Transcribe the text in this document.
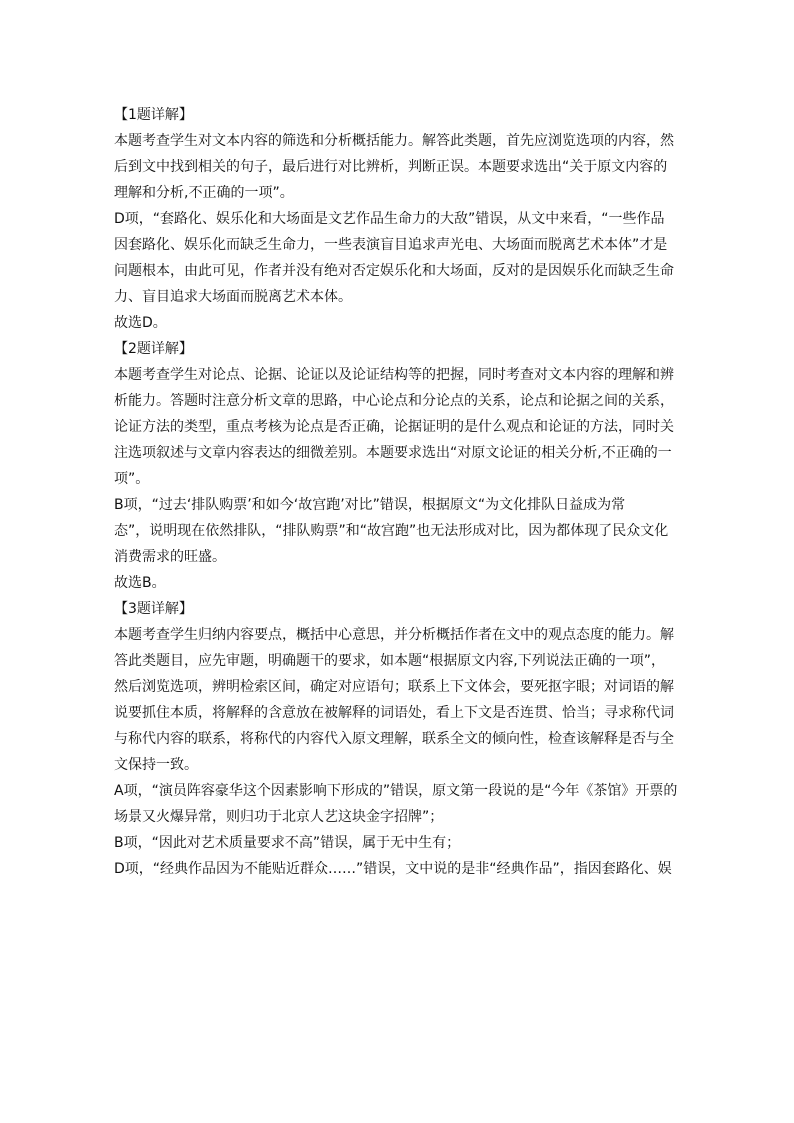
【1题详解】
本题考查学生对文本内容的筛选和分析概括能力。解答此类题，首先应浏览选项的内容，然
后到文中找到相关的句子，最后进行对比辨析，判断正误。本题要求选出“关于原文内容的
理解和分析,不正确的一项”。
D项，“套路化、娱乐化和大场面是文艺作品生命力的大敌”错误，从文中来看，“一些作品
因套路化、娱乐化而缺乏生命力，一些表演盲目追求声光电、大场面而脱离艺术本体”才是
问题根本，由此可见，作者并没有绝对否定娱乐化和大场面，反对的是因娱乐化而缺乏生命
力、盲目追求大场面而脱离艺术本体。
故选D。
【2题详解】
本题考查学生对论点、论据、论证以及论证结构等的把握，同时考查对文本内容的理解和辨
析能力。答题时注意分析文章的思路，中心论点和分论点的关系，论点和论据之间的关系，
论证方法的类型，重点考核为论点是否正确，论据证明的是什么观点和论证的方法，同时关
注选项叙述与文章内容表达的细微差别。本题要求选出“对原文论证的相关分析,不正确的一
项”。
B项，“过去‘排队购票’和如今‘故宫跑’对比”错误，根据原文“为文化排队日益成为常
态”，说明现在依然排队，“排队购票”和“故宫跑”也无法形成对比，因为都体现了民众文化
消费需求的旺盛。
故选B。
【3题详解】
本题考查学生归纳内容要点，概括中心意思，并分析概括作者在文中的观点态度的能力。解
答此类题目，应先审题，明确题干的要求，如本题“根据原文内容,下列说法正确的一项”，
然后浏览选项，辨明检索区间，确定对应语句；联系上下文体会，要死抠字眼；对词语的解
说要抓住本质，将解释的含意放在被解释的词语处，看上下文是否连贯、恰当；寻求称代词
与称代内容的联系，将称代的内容代入原文理解，联系全文的倾向性，检查该解释是否与全
文保持一致。
A项，“演员阵容豪华这个因素影响下形成的”错误，原文第一段说的是“今年《茶馆》开票的
场景又火爆异常，则归功于北京人艺这块金字招牌”；
B项，“因此对艺术质量要求不高”错误，属于无中生有；
D项，“经典作品因为不能贴近群众……”错误，文中说的是非“经典作品”，指因套路化、娱
